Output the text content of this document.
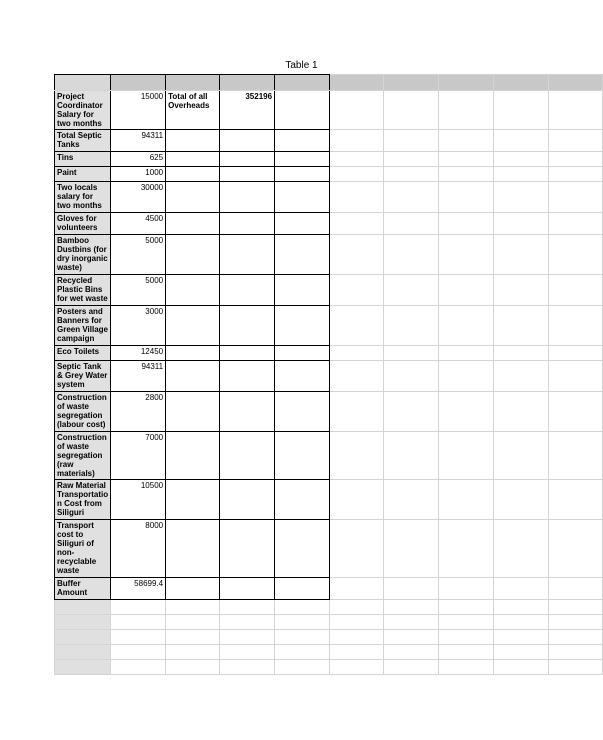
Table 1

Project Coordinator Salary for two months	15000	Total of all Overheads	352196						
Total Septic Tanks	94311								
Tins	625								
Paint	1000								
Two locals salary for two months	30000								
Gloves for volunteers	4500								
Bamboo Dustbins (for dry inorganic waste)	5000								
Recycled Plastic Bins for wet waste	5000								
Posters and Banners for Green Village campaign	3000								
Eco Toilets	12450								
Septic Tank & Grey Water system	94311								
Construction of waste segregation (labour cost)	2800								
Construction of waste segregation (raw materials)	7000								
Raw Material Transportatio n Cost from Siliguri	10500								
Transport cost to Siliguri of non-recyclable waste	8000								
Buffer Amount	58699.4								
